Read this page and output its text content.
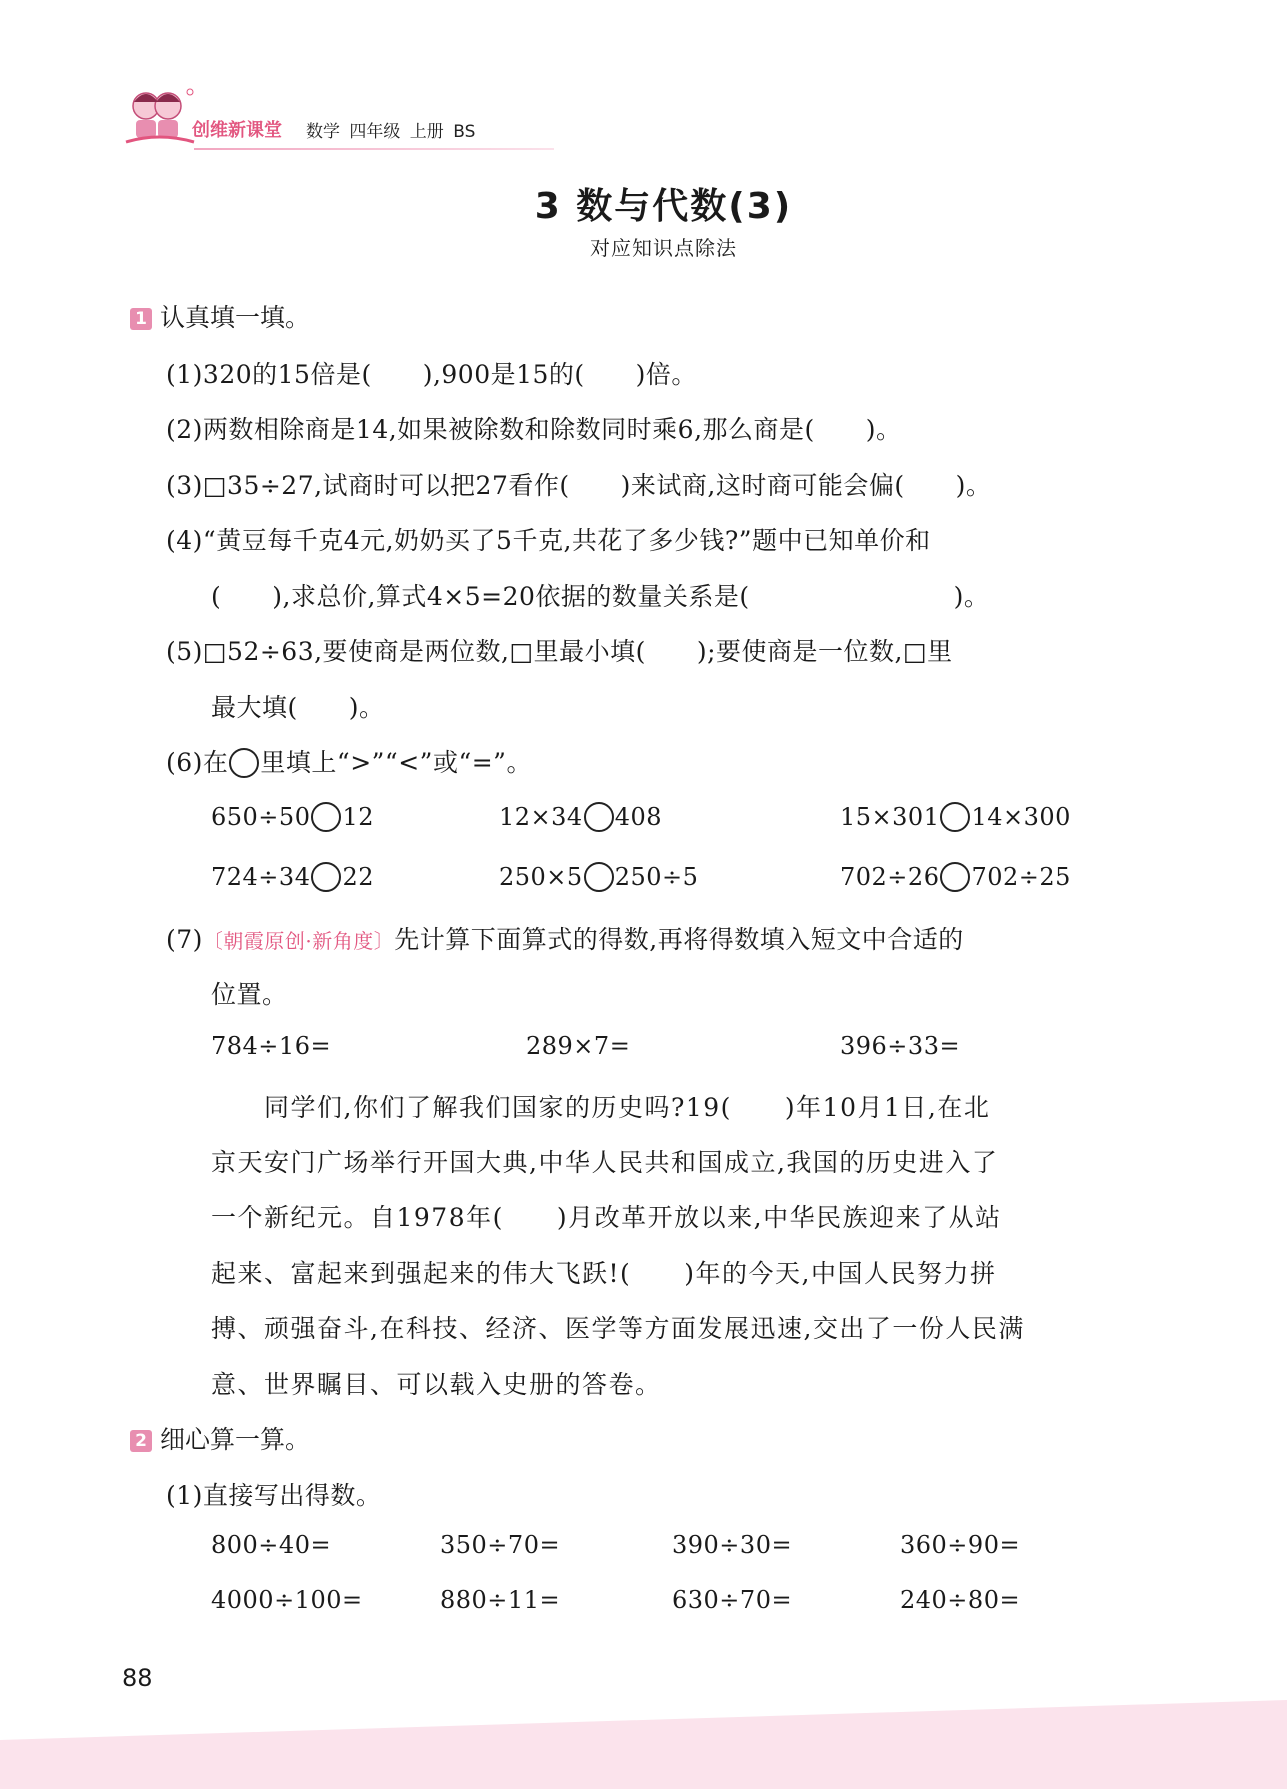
创维新课堂 数学 四年级 上册 BS
3 数与代数(3)
对应知识点除法
1 认真填一填。
(1)320的15倍是(　　),900是15的(　　)倍。
(2)两数相除商是14,如果被除数和除数同时乘6,那么商是(　　)。
(3)□35÷27,试商时可以把27看作(　　)来试商,这时商可能会偏(　　)。
(4)“黄豆每千克4元,奶奶买了5千克,共花了多少钱?”题中已知单价和
(　　),求总价,算式4×5=20依据的数量关系是(　　　　　　　　)。
(5)□52÷63,要使商是两位数,□里最小填(　　);要使商是一位数,□里
最大填(　　)。
(6)在 里填上“>”“<”或“=”。
650÷50 12	12×34 408	15×301 14×300
724÷34 22	250×5 250÷5	702÷26 702÷25
(7)〔朝霞原创·新角度〕先计算下面算式的得数,再将得数填入短文中合适的
位置。
784÷16=	289×7=	396÷33=
　　同学们,你们了解我们国家的历史吗?19(　　)年10月1日,在北
京天安门广场举行开国大典,中华人民共和国成立,我国的历史进入了
一个新纪元。自1978年(　　)月改革开放以来,中华民族迎来了从站
起来、富起来到强起来的伟大飞跃!(　　)年的今天,中国人民努力拼
搏、顽强奋斗,在科技、经济、医学等方面发展迅速,交出了一份人民满
意、世界瞩目、可以载入史册的答卷。
2 细心算一算。
(1)直接写出得数。
800÷40=	350÷70=	390÷30=	360÷90=
4000÷100=	880÷11=	630÷70=	240÷80=
88
